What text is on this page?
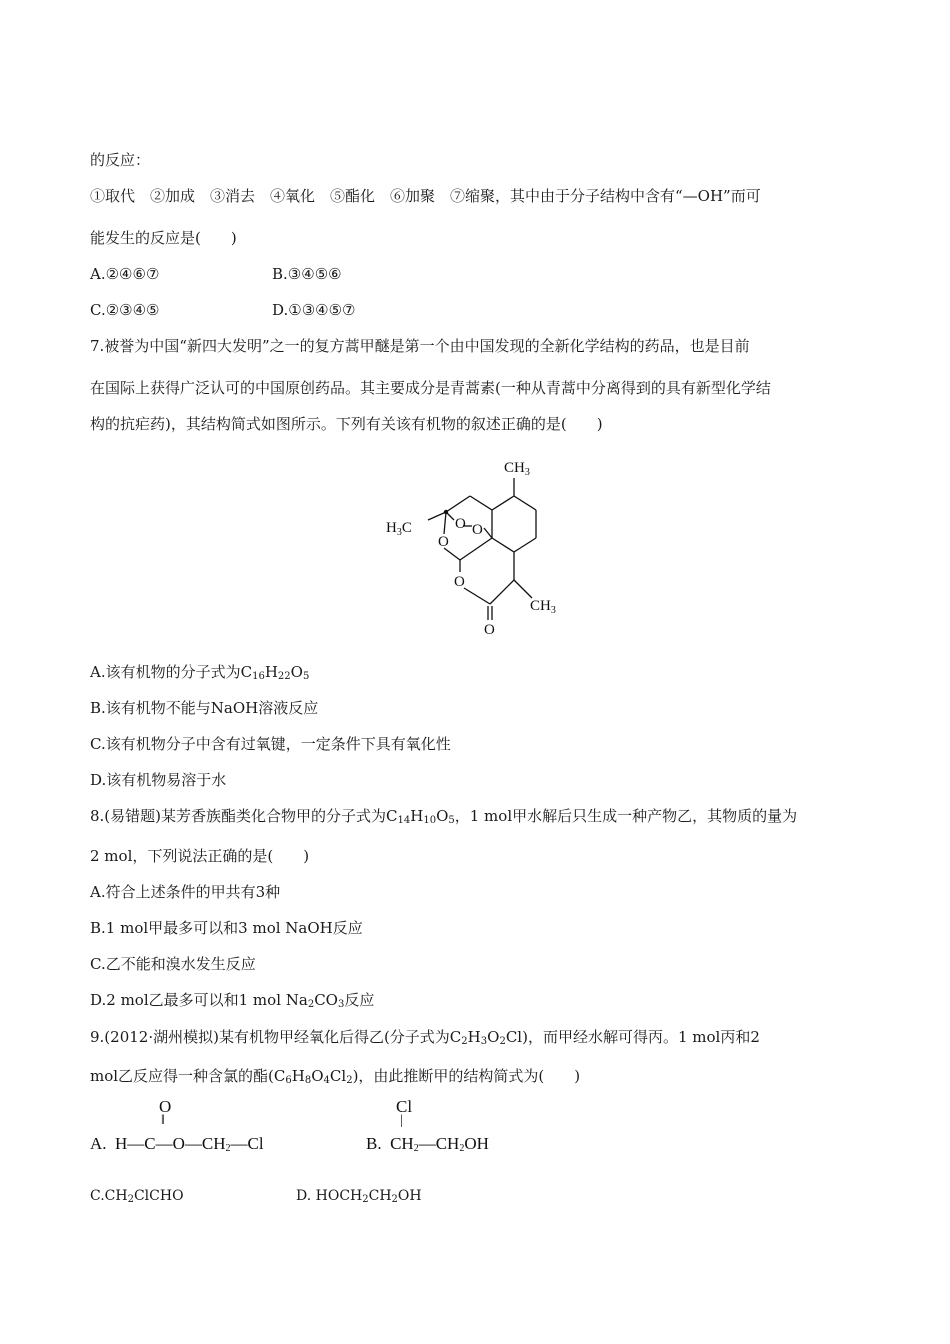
的反应：
①取代　②加成　③消去　④氧化　⑤酯化　⑥加聚　⑦缩聚，其中由于分子结构中含有“—OH”而可
能发生的反应是(　　)
A.②④⑥⑦	B.③④⑤⑥
C.②③④⑤	D.①③④⑤⑦
7.被誉为中国“新四大发明”之一的复方蒿甲醚是第一个由中国发现的全新化学结构的药品，也是目前
在国际上获得广泛认可的中国原创药品。其主要成分是青蒿素(一种从青蒿中分离得到的具有新型化学结
构的抗疟药)，其结构简式如图所示。下列有关该有机物的叙述正确的是(　　)
$CH_3$
$H_3C$	O O
O
O
O
$CH_3$
A.该有机物的分子式为$C_{16}H_{22}O_5$
B.该有机物不能与NaOH溶液反应
C.该有机物分子中含有过氧键，一定条件下具有氧化性
D.该有机物易溶于水
8.(易错题)某芳香族酯类化合物甲的分子式为$C_{14}H_{10}O_5$，1 mol甲水解后只生成一种产物乙，其物质的量为
2 mol，下列说法正确的是(　　)
A.符合上述条件的甲共有3种
B.1 mol甲最多可以和3 mol NaOH反应
C.乙不能和溴水发生反应
D.2 mol乙最多可以和1 mol $Na_2CO_3$反应
9.(2012·湖州模拟)某有机物甲经氧化后得乙(分子式为$C_2H_3O_2Cl$)，而甲经水解可得丙。1 mol丙和2
mol乙反应得一种含氯的酯$(C_6H_8O_4Cl_2)$，由此推断甲的结构简式为(　　)
O
‖
A. $H—C—O—CH_2—Cl$
Cl
|
B. $CH_2—CH_2OH$
$C.CH_2ClCHO$	D. $HOCH_2CH_2OH$
